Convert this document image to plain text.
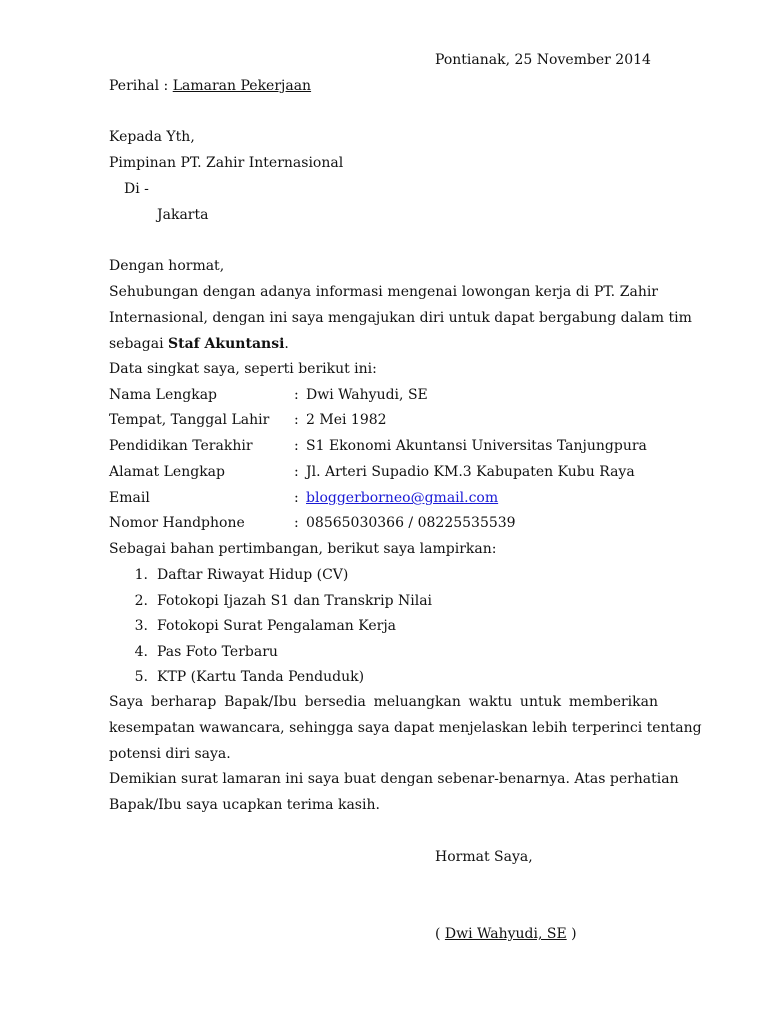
Pontianak, 25 November 2014
Perihal : Lamaran Pekerjaan
Kepada Yth,
Pimpinan PT. Zahir Internasional
Di -
Jakarta
Dengan hormat,
Sehubungan dengan adanya informasi mengenai lowongan kerja di PT. Zahir
Internasional, dengan ini saya mengajukan diri untuk dapat bergabung dalam tim
sebagai Staf Akuntansi.
Data singkat saya, seperti berikut ini:
Nama Lengkap	: Dwi Wahyudi, SE
Tempat, Tanggal Lahir : 2 Mei 1982
Pendidikan Terakhir	: S1 Ekonomi Akuntansi Universitas Tanjungpura
Alamat Lengkap	: Jl. Arteri Supadio KM.3 Kabupaten Kubu Raya
Email	: bloggerborneo@gmail.com
Nomor Handphone	: 08565030366 / 08225535539
Sebagai bahan pertimbangan, berikut saya lampirkan:
1. Daftar Riwayat Hidup (CV)
2. Fotokopi Ijazah S1 dan Transkrip Nilai
3. Fotokopi Surat Pengalaman Kerja
4. Pas Foto Terbaru
5. KTP (Kartu Tanda Penduduk)
Saya berharap Bapak/Ibu bersedia meluangkan waktu untuk memberikan
kesempatan wawancara, sehingga saya dapat menjelaskan lebih terperinci tentang
potensi diri saya.
Demikian surat lamaran ini saya buat dengan sebenar-benarnya. Atas perhatian
Bapak/Ibu saya ucapkan terima kasih.
Hormat Saya,
( Dwi Wahyudi, SE )
